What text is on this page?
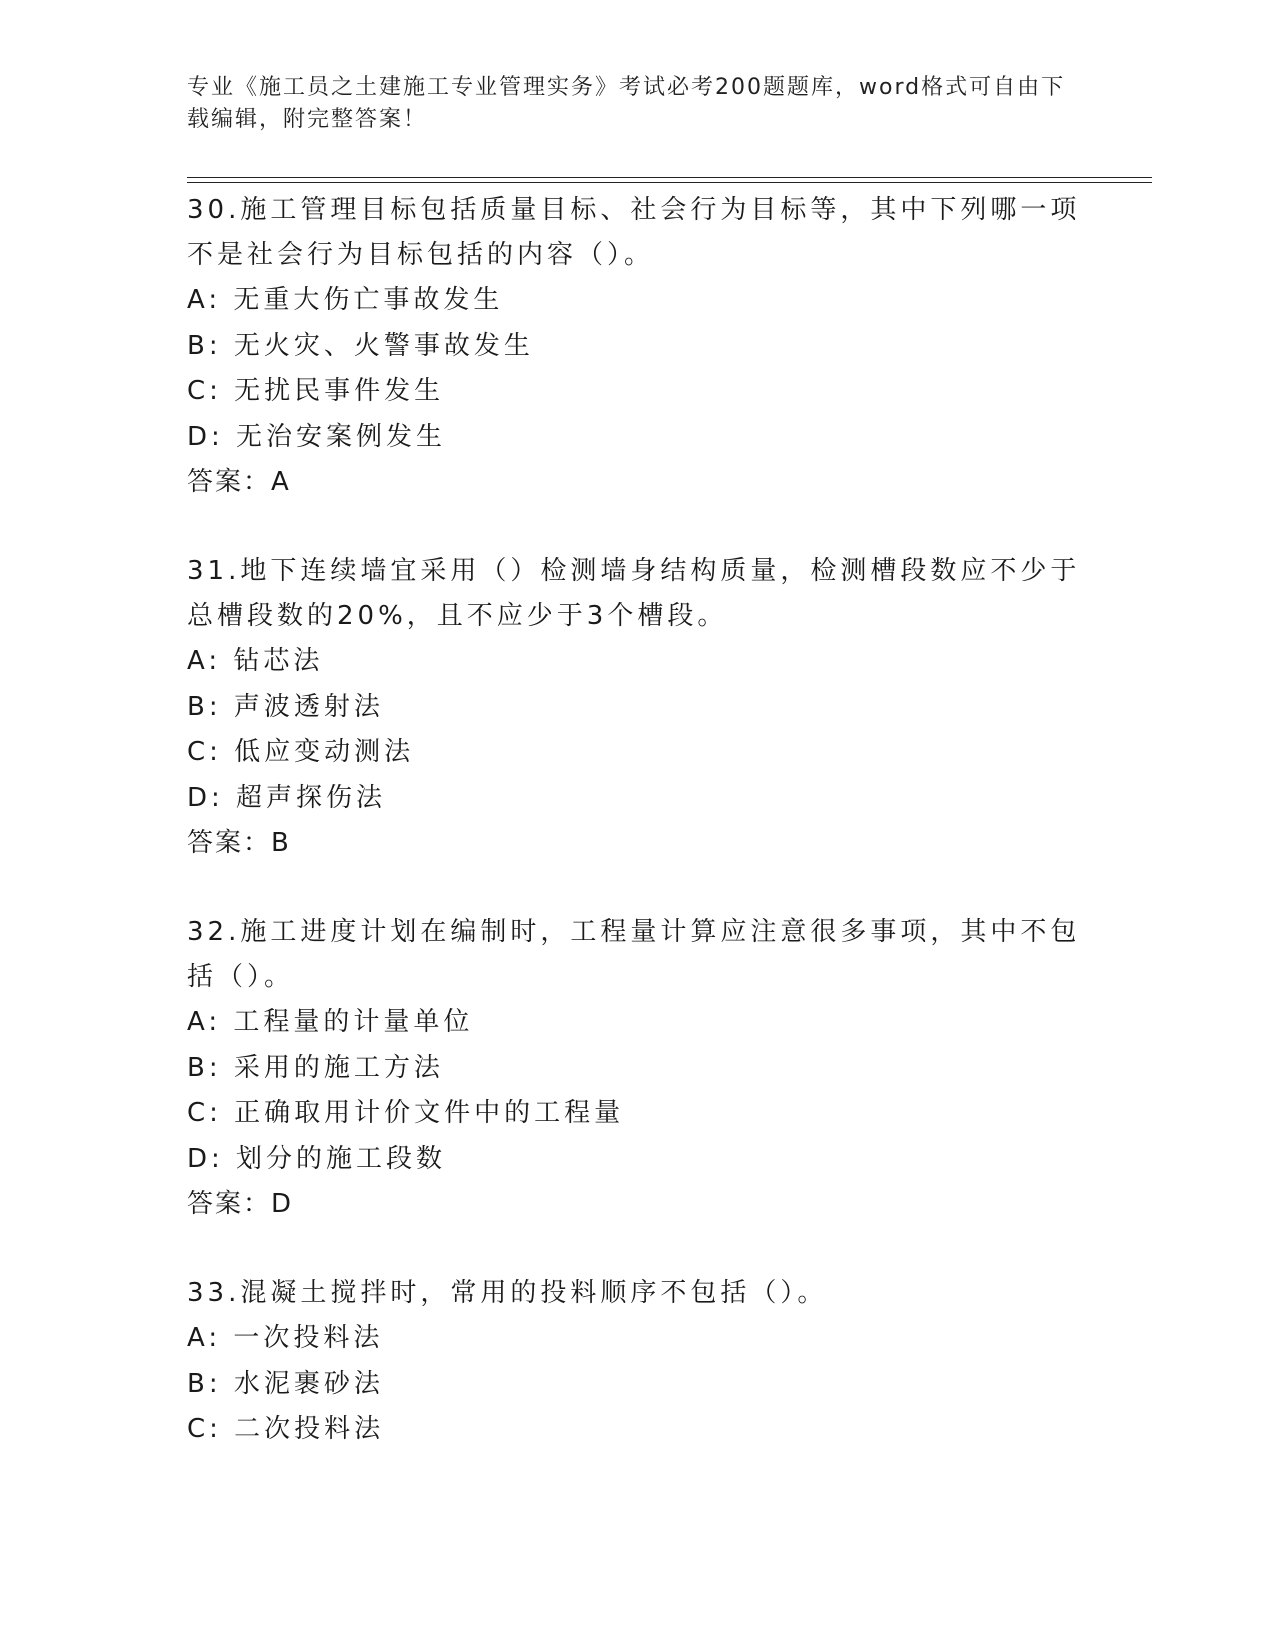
专业《施工员之土建施工专业管理实务》考试必考200题题库，word格式可自由下载编辑，附完整答案！

30.施工管理目标包括质量目标、社会行为目标等，其中下列哪一项不是社会行为目标包括的内容（）。

A: 无重大伤亡事故发生

B: 无火灾、火警事故发生

C: 无扰民事件发生

D: 无治安案例发生

答案：A

31.地下连续墙宜采用（）检测墙身结构质量，检测槽段数应不少于总槽段数的20%，且不应少于3个槽段。

A: 钻芯法

B: 声波透射法

C: 低应变动测法

D: 超声探伤法

答案：B

32.施工进度计划在编制时，工程量计算应注意很多事项，其中不包括（）。

A: 工程量的计量单位

B: 采用的施工方法

C: 正确取用计价文件中的工程量

D: 划分的施工段数

答案：D

33.混凝土搅拌时，常用的投料顺序不包括（）。

A: 一次投料法

B: 水泥裹砂法

C: 二次投料法
